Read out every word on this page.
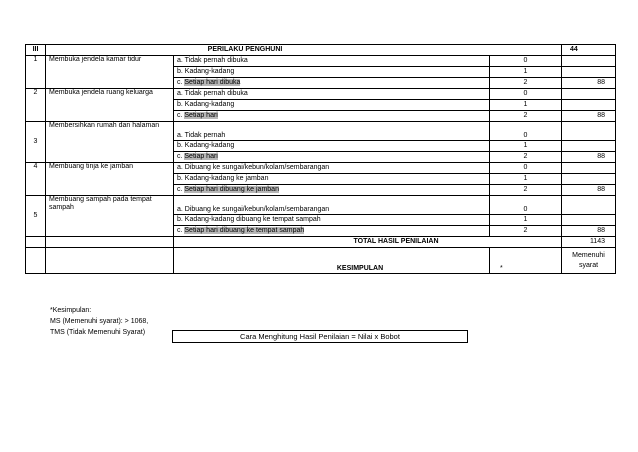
III	PERILAKU PENGHUNI			44
1	Membuka jendela kamar tidur	a. Tidak pernah dibuka	0	
		b. Kadang-kadang	1	
		c. Setiap hari dibuka	2	88
2	Membuka jendela ruang keluarga	a. Tidak pernah dibuka	0	
		b. Kadang-kadang	1	
		c. Setiap hari	2	88
3	Membersihkan rumah dan halaman	a. Tidak pernah	0	
		b. Kadang-kadang	1	
		c. Setiap hari	2	88
4	Membuang tinja ke jamban	a. Dibuang ke sungai/kebun/kolam/sembarangan	0	
		b. Kadang-kadang ke jamban	1	
		c. Setiap hari dibuang ke jamban	2	88
5	Membuang sampah pada tempat sampah	a. Dibuang ke sungai/kebun/kolam/sembarangan	0	
		b. Kadang-kadang dibuang ke tempat sampah	1	
		c. Setiap hari dibuang ke tempat sampah	2	88
		TOTAL HASIL PENILAIAN		1143
		KESIMPULAN	*	Memenuhi syarat
*Kesimpulan:
MS (Memenuhi syarat): > 1068,
TMS (Tidak Memenuhi Syarat)	Cara Menghitung Hasil Penilaian = Nilai x Bobot
